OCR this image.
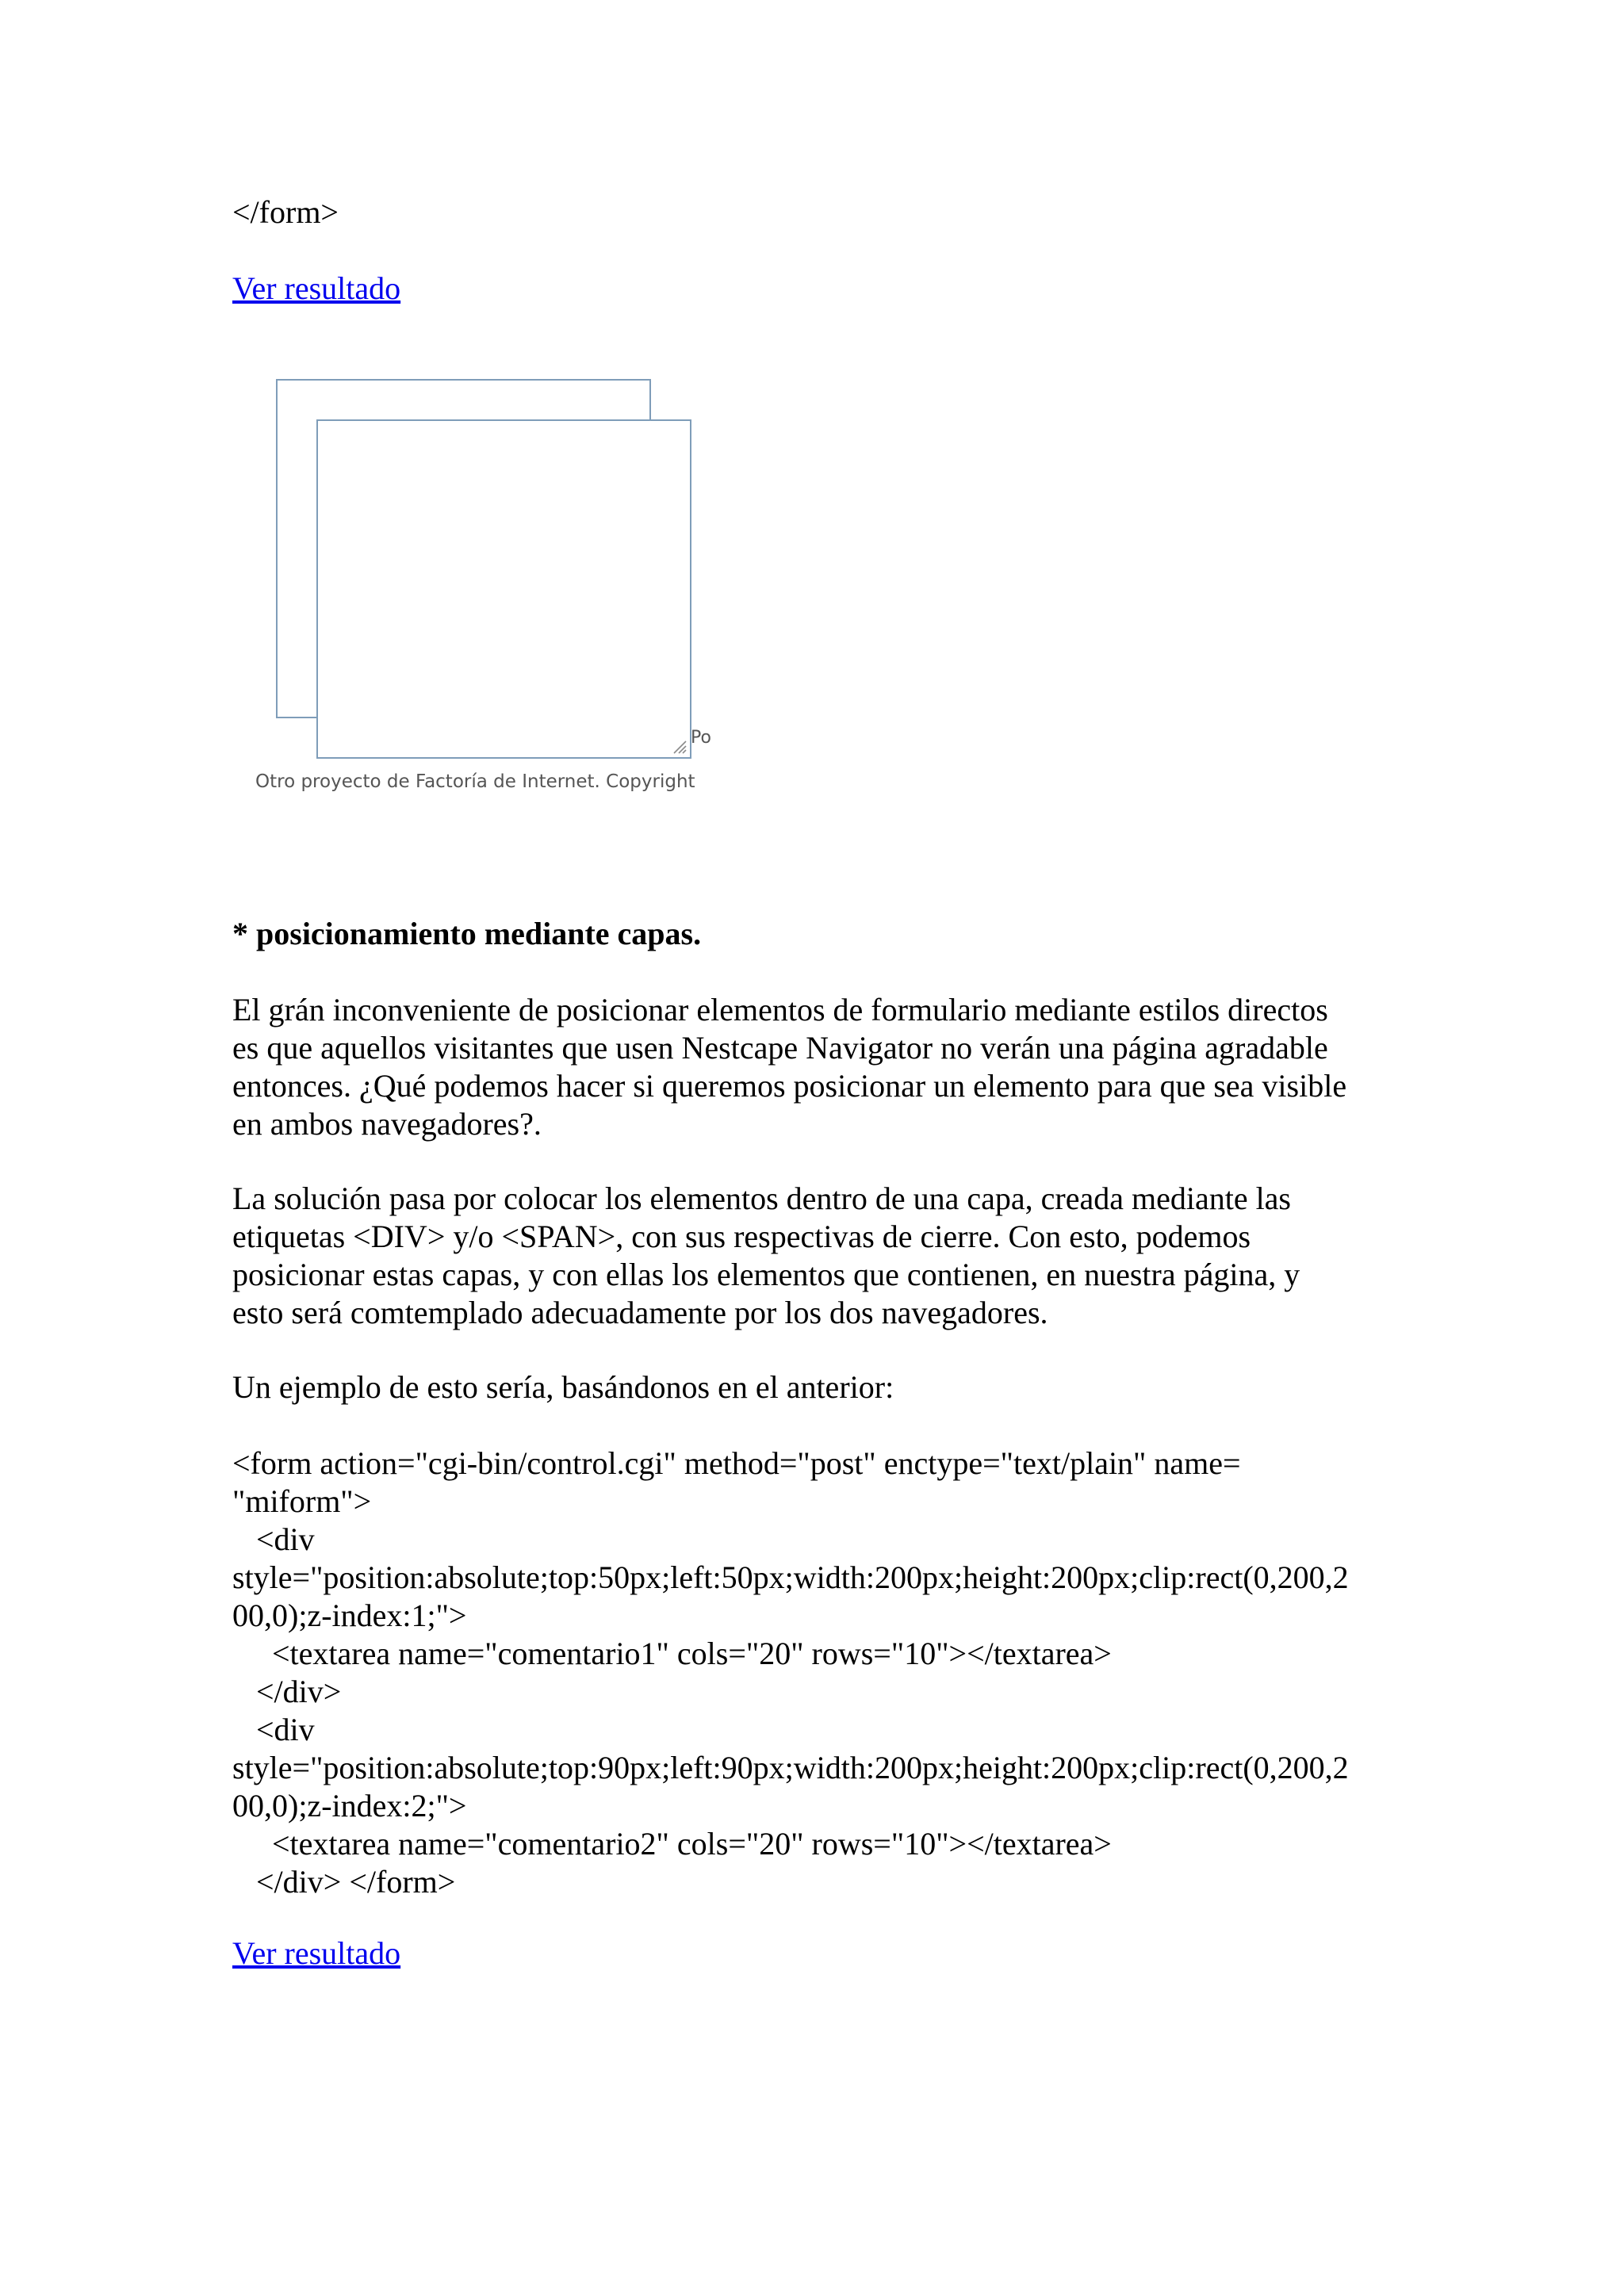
</form>

Ver resultado
Po
Otro proyecto de Factoría de Internet. Copyright

* posicionamiento mediante capas.

El grán inconveniente de posicionar elementos de formulario mediante estilos directos
es que aquellos visitantes que usen Nestcape Navigator no verán una página agradable
entonces. ¿Qué podemos hacer si queremos posicionar un elemento para que sea visible
en ambos navegadores?.
La solución pasa por colocar los elementos dentro de una capa, creada mediante las
etiquetas <DIV> y/o <SPAN>, con sus respectivas de cierre. Con esto, podemos
posicionar estas capas, y con ellas los elementos que contienen, en nuestra página, y
esto será comtemplado adecuadamente por los dos navegadores.

Un ejemplo de esto sería, basándonos en el anterior:

<form action="cgi-bin/control.cgi" method="post" enctype="text/plain" name=
"miform">
<div
style="position:absolute;top:50px;left:50px;width:200px;height:200px;clip:rect(0,200,2
00,0);z-index:1;">
<textarea name="comentario1" cols="20" rows="10"></textarea>
</div>
<div
style="position:absolute;top:90px;left:90px;width:200px;height:200px;clip:rect(0,200,2
00,0);z-index:2;">
<textarea name="comentario2" cols="20" rows="10"></textarea>
</div> </form>
Ver resultado
